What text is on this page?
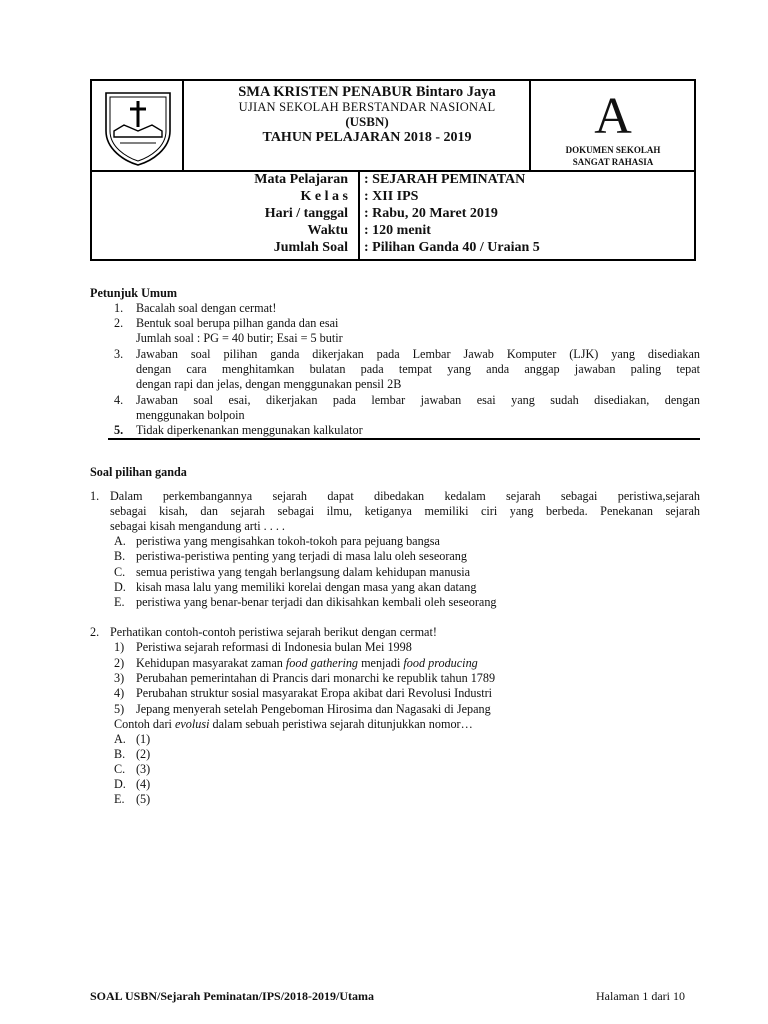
SMA KRISTEN PENABUR Bintaro Jaya
UJIAN SEKOLAH BERSTANDAR NASIONAL
(USBN)
TAHUN PELAJARAN 2018 - 2019	A
DOKUMEN SEKOLAH
SANGAT RAHASIA
Mata Pelajaran : SEJARAH PEMINATAN
K e l a s : XII IPS
Hari / tanggal : Rabu, 20 Maret 2019
Waktu : 120 menit
Jumlah Soal : Pilihan Ganda 40 / Uraian 5
Petunjuk Umum
1. Bacalah soal dengan cermat!
2. Bentuk soal berupa pilhan ganda dan esai
Jumlah soal : PG = 40 butir; Esai = 5 butir
3. Jawaban soal pilihan ganda dikerjakan pada Lembar Jawab Komputer (LJK) yang disediakan
dengan cara menghitamkan bulatan pada tempat yang anda anggap jawaban paling tepat
dengan rapi dan jelas, dengan menggunakan pensil 2B
4. Jawaban soal esai, dikerjakan pada lembar jawaban esai yang sudah disediakan, dengan
menggunakan bolpoin
5. Tidak diperkenankan menggunakan kalkulator
Soal pilihan ganda
1. Dalam perkembangannya sejarah dapat dibedakan kedalam sejarah sebagai peristiwa,sejarah
sebagai kisah, dan sejarah sebagai ilmu, ketiganya memiliki ciri yang berbeda. Penekanan sejarah
sebagai kisah mengandung arti . . . .
A. peristiwa yang mengisahkan tokoh-tokoh para pejuang bangsa
B. peristiwa-peristiwa penting yang terjadi di masa lalu oleh seseorang
C. semua peristiwa yang tengah berlangsung dalam kehidupan manusia
D. kisah masa lalu yang memiliki korelai dengan masa yang akan datang
E. peristiwa yang benar-benar terjadi dan dikisahkan kembali oleh seseorang
2. Perhatikan contoh-contoh peristiwa sejarah berikut dengan cermat!
1) Peristiwa sejarah reformasi di Indonesia bulan Mei 1998
2) Kehidupan masyarakat zaman food gathering menjadi food producing
3) Perubahan pemerintahan di Prancis dari monarchi ke republik tahun 1789
4) Perubahan struktur sosial masyarakat Eropa akibat dari Revolusi Industri
5) Jepang menyerah setelah Pengeboman Hirosima dan Nagasaki di Jepang
Contoh dari evolusi dalam sebuah peristiwa sejarah ditunjukkan nomor…
A. (1)
B. (2)
C. (3)
D. (4)
E. (5)
SOAL USBN/Sejarah Peminatan/IPS/2018-2019/Utama	Halaman 1 dari 10
